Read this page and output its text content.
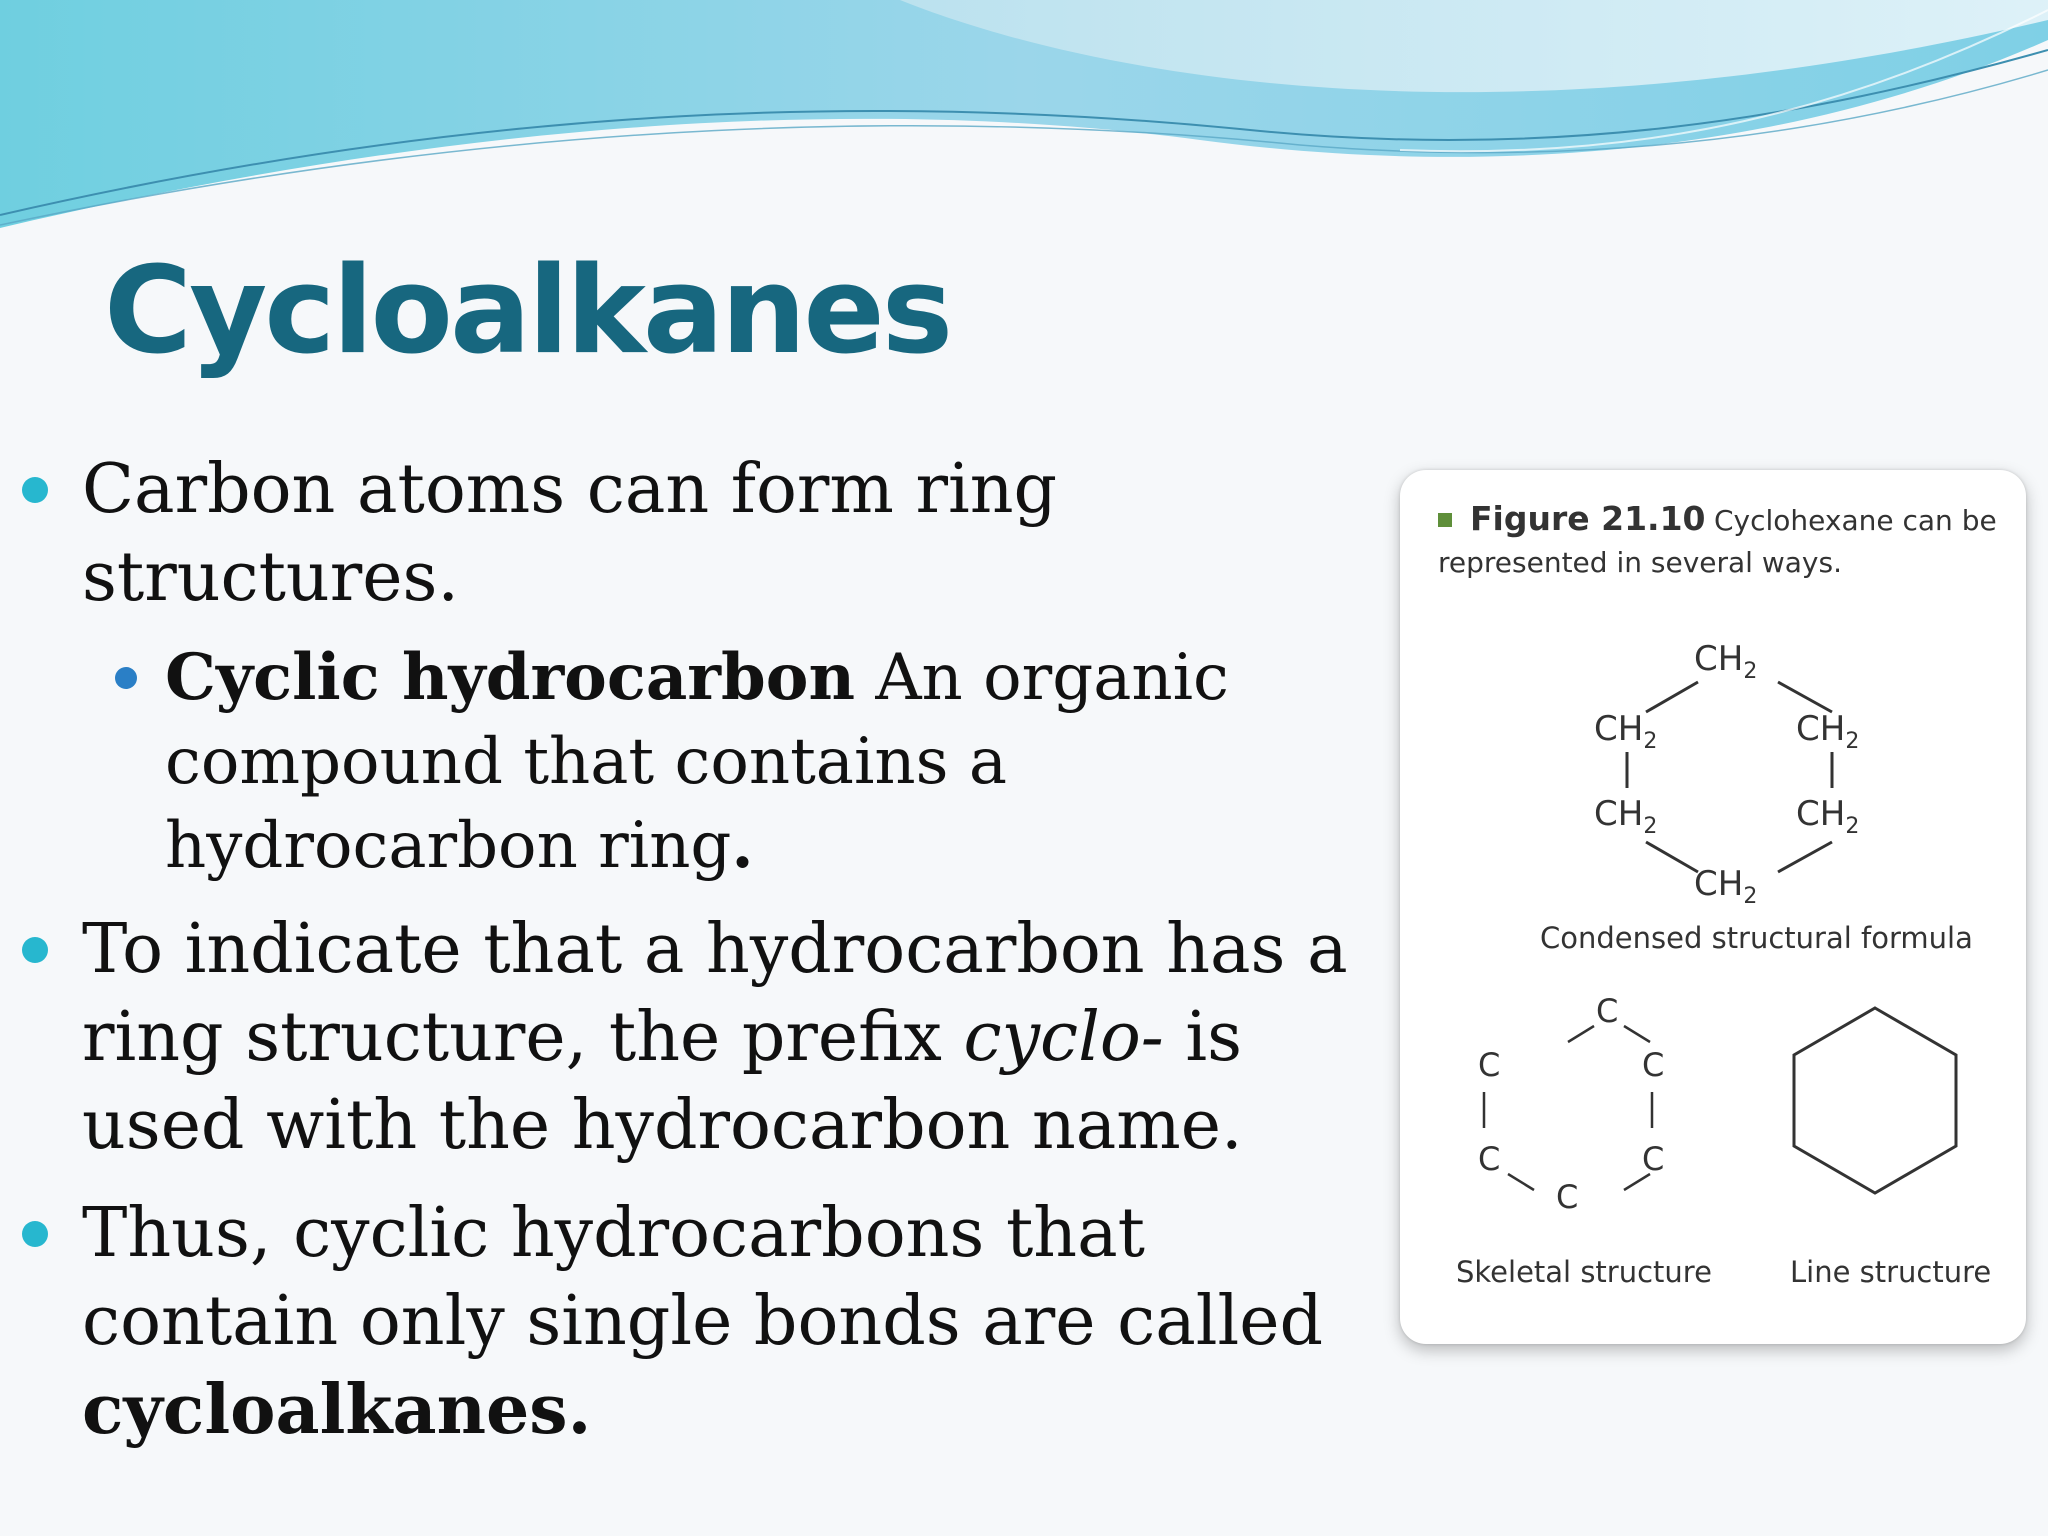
Cycloalkanes

Carbon atoms can form ring structures.

Cyclic hydrocarbon An organic compound that contains a hydrocarbon ring.

To indicate that a hydrocarbon has a ring structure, the prefix cyclo- is used with the hydrocarbon name.

Thus, cyclic hydrocarbons that contain only single bonds are called cycloalkanes.

Figure 21.10 Cyclohexane can be
represented in several ways.
$CH_2$
$CH_2$	$CH_2$
$CH_2$	$CH_2$
$CH_2$
Condensed structural formula
C
C	C
C	C
C
Skeletal structure	Line structure
